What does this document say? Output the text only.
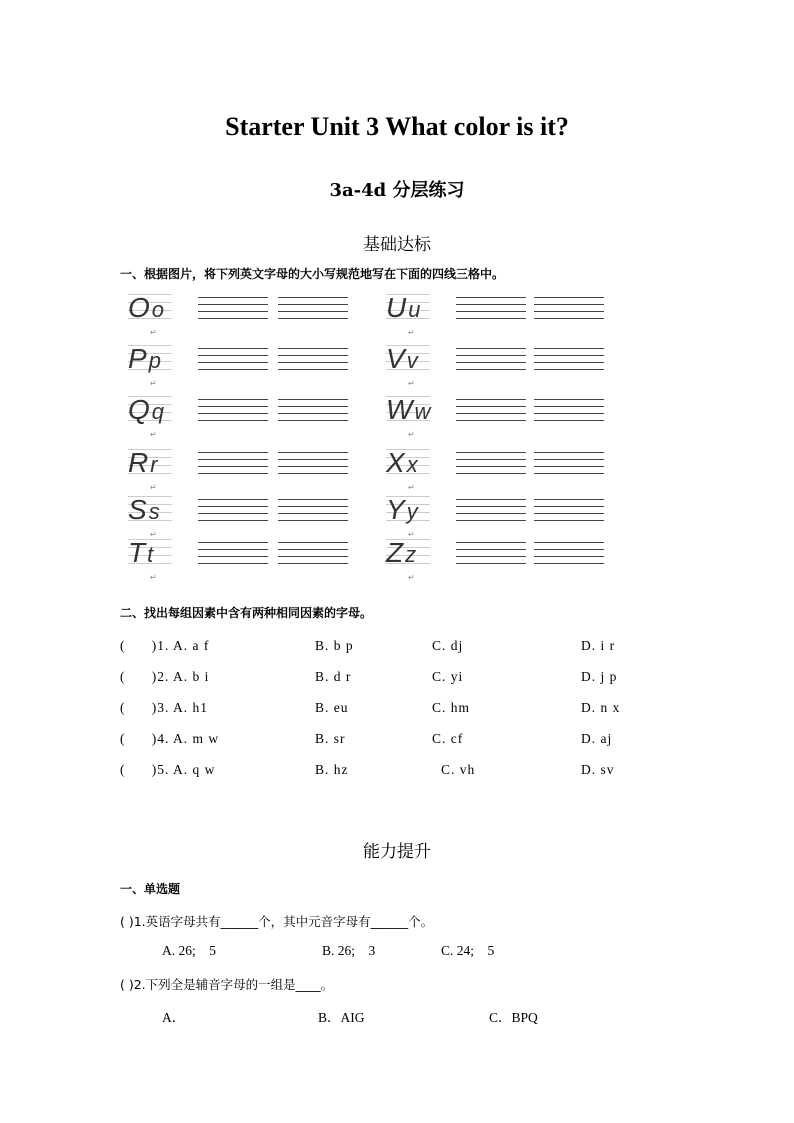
Starter Unit 3 What color is it?
3a-4d 分层练习
基础达标
一、根据图片，将下列英文字母的大小写规范地写在下面的四线三格中。
Oo
↵
Pp
↵
Qq
↵
Rr
↵
Ss
↵
Tt
↵
Uu
↵
Vv
↵
Ww
↵
Xx
↵
Yy
↵
Zz
↵
二、找出每组因素中含有两种相同因素的字母。
(      )1. A. a f	B. b p	C. dj	D. i r
(      )2. A. b i	B. d r	C. yi	D. j p
(      )3. A. h1	B. eu	C. hm	D. n x
(      )4. A. m w	B. sr	C. cf	D. aj
(      )5. A. q w	B. hz	C. vh	D. sv
能力提升
一、单选题
( )1.英语字母共有______个，其中元音字母有______个。
A. 26;    5	B. 26;    3	C. 24;    5
( )2.下列全是辅音字母的一组是____。
A．	B．AIG	C．BPQ
